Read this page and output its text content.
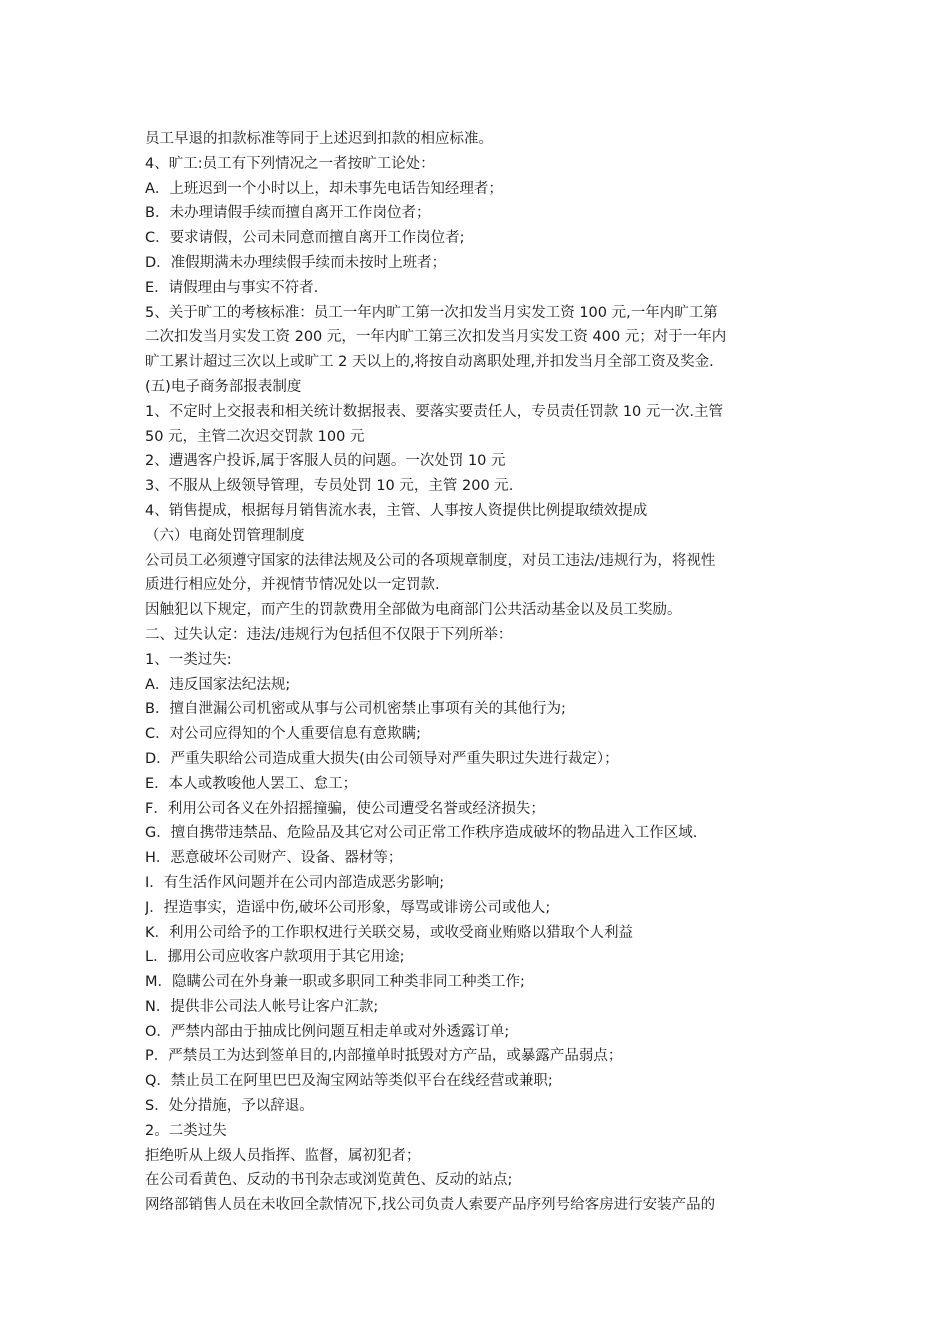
员工早退的扣款标准等同于上述迟到扣款的相应标准。
4、旷工:员工有下列情况之一者按旷工论处：
A．上班迟到一个小时以上，却未事先电话告知经理者；
B．未办理请假手续而擅自离开工作岗位者；
C．要求请假，公司未同意而擅自离开工作岗位者;
D．准假期满未办理续假手续而未按时上班者；
E．请假理由与事实不符者.
5、关于旷工的考核标准：员工一年内旷工第一次扣发当月实发工资 100 元,一年内旷工第
二次扣发当月实发工资 200 元，一年内旷工第三次扣发当月实发工资 400 元；对于一年内
旷工累计超过三次以上或旷工 2 天以上的,将按自动离职处理,并扣发当月全部工资及奖金.
(五)电子商务部报表制度
1、不定时上交报表和相关统计数据报表、要落实要责任人，专员责任罚款 10 元一次.主管
50 元，主管二次迟交罚款 100 元
2、遭遇客户投诉,属于客服人员的问题。一次处罚 10 元
3、不服从上级领导管理，专员处罚 10 元，主管 200 元.
4、销售提成，根据每月销售流水表，主管、人事按人资提供比例提取绩效提成
（六）电商处罚管理制度
公司员工必须遵守国家的法律法规及公司的各项规章制度，对员工违法/违规行为，将视性
质进行相应处分，并视情节情况处以一定罚款.
因触犯以下规定，而产生的罚款费用全部做为电商部门公共活动基金以及员工奖励。
二、过失认定：违法/违规行为包括但不仅限于下列所举：
1、一类过失:
A．违反国家法纪法规;
B．擅自泄漏公司机密或从事与公司机密禁止事项有关的其他行为;
C．对公司应得知的个人重要信息有意欺瞒;
D．严重失职给公司造成重大损失(由公司领导对严重失职过失进行裁定）；
E．本人或教唆他人罢工、怠工；
F．利用公司各义在外招摇撞骗，使公司遭受名誉或经济损失；
G．擅自携带违禁品、危险品及其它对公司正常工作秩序造成破坏的物品进入工作区域.
H．恶意破坏公司财产、设备、器材等；
I．有生活作风问题并在公司内部造成恶劣影响;
J．捏造事实，造谣中伤,破坏公司形象，辱骂或诽谤公司或他人;
K．利用公司给予的工作职权进行关联交易，或收受商业贿赂以猎取个人利益
L．挪用公司应收客户款项用于其它用途;
M．隐瞒公司在外身兼一职或多职同工种类非同工种类工作;
N．提供非公司法人帐号让客户汇款;
O．严禁内部由于抽成比例问题互相走单或对外透露订单;
P．严禁员工为达到签单目的,内部撞单时抵毁对方产品，或暴露产品弱点；
Q．禁止员工在阿里巴巴及淘宝网站等类似平台在线经营或兼职;
S．处分措施，予以辞退。
2。二类过失
拒绝听从上级人员指挥、监督，属初犯者；
在公司看黄色、反动的书刊杂志或浏览黄色、反动的站点;
网络部销售人员在未收回全款情况下,找公司负责人索要产品序列号给客房进行安装产品的
